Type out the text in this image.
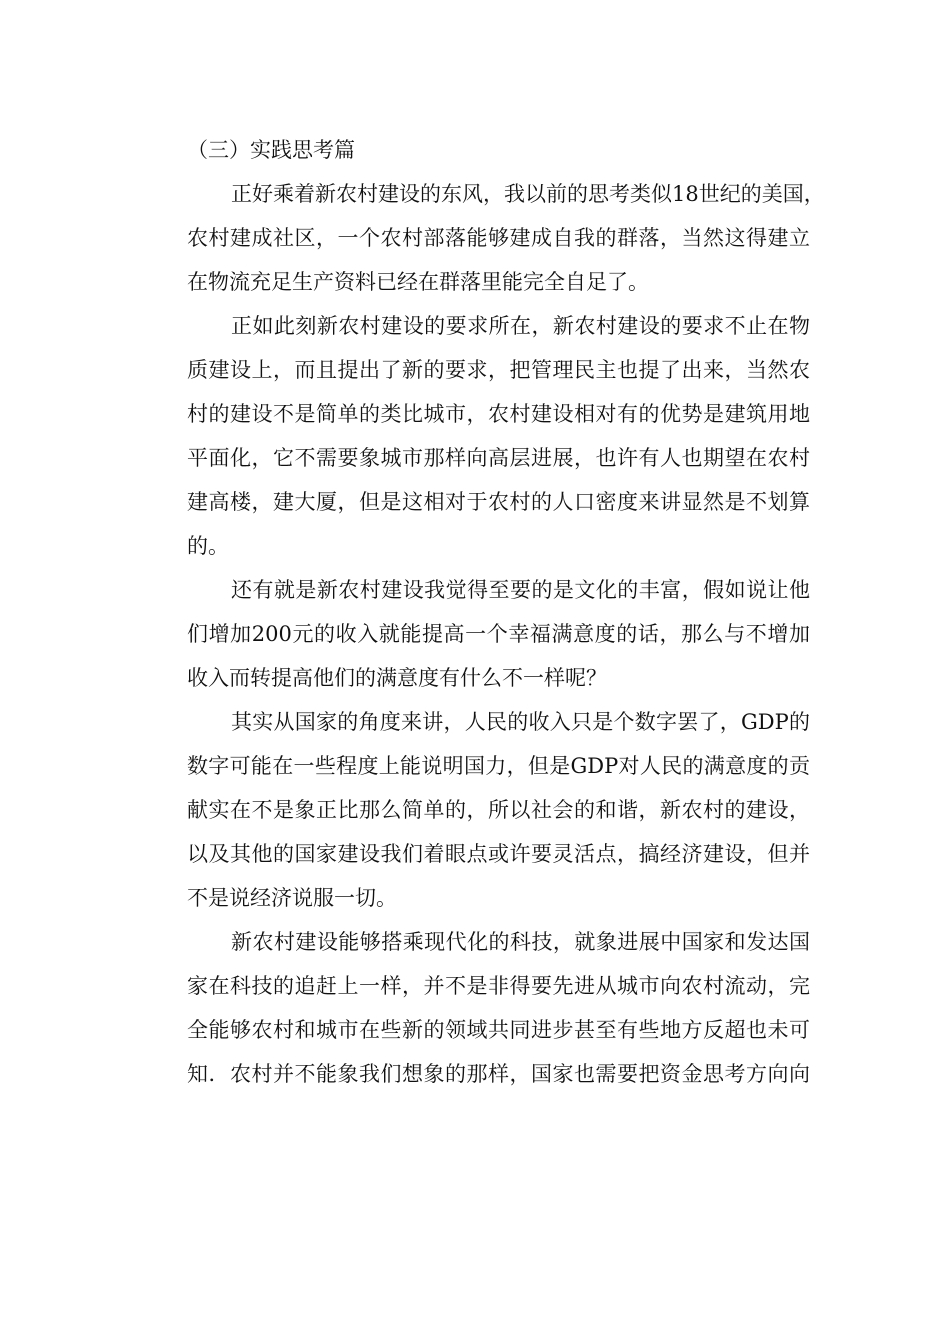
（三）实践思考篇

正好乘着新农村建设的东风，我以前的思考类似18世纪的美国，
农村建成社区，一个农村部落能够建成自我的群落，当然这得建立
在物流充足生产资料已经在群落里能完全自足了。
正如此刻新农村建设的要求所在，新农村建设的要求不止在物
质建设上，而且提出了新的要求，把管理民主也提了出来，当然农
村的建设不是简单的类比城市，农村建设相对有的优势是建筑用地
平面化，它不需要象城市那样向高层进展，也许有人也期望在农村
建高楼，建大厦，但是这相对于农村的人口密度来讲显然是不划算
的。
还有就是新农村建设我觉得至要的是文化的丰富，假如说让他
们增加200元的收入就能提高一个幸福满意度的话，那么与不增加
收入而转提高他们的满意度有什么不一样呢？
其实从国家的角度来讲，人民的收入只是个数字罢了，GDP的
数字可能在一些程度上能说明国力，但是GDP对人民的满意度的贡
献实在不是象正比那么简单的，所以社会的和谐，新农村的建设，
以及其他的国家建设我们着眼点或许要灵活点，搞经济建设，但并
不是说经济说服一切。
新农村建设能够搭乘现代化的科技，就象进展中国家和发达国
家在科技的追赶上一样，并不是非得要先进从城市向农村流动，完
全能够农村和城市在些新的领域共同进步甚至有些地方反超也未可
知．农村并不能象我们想象的那样，国家也需要把资金思考方向向
